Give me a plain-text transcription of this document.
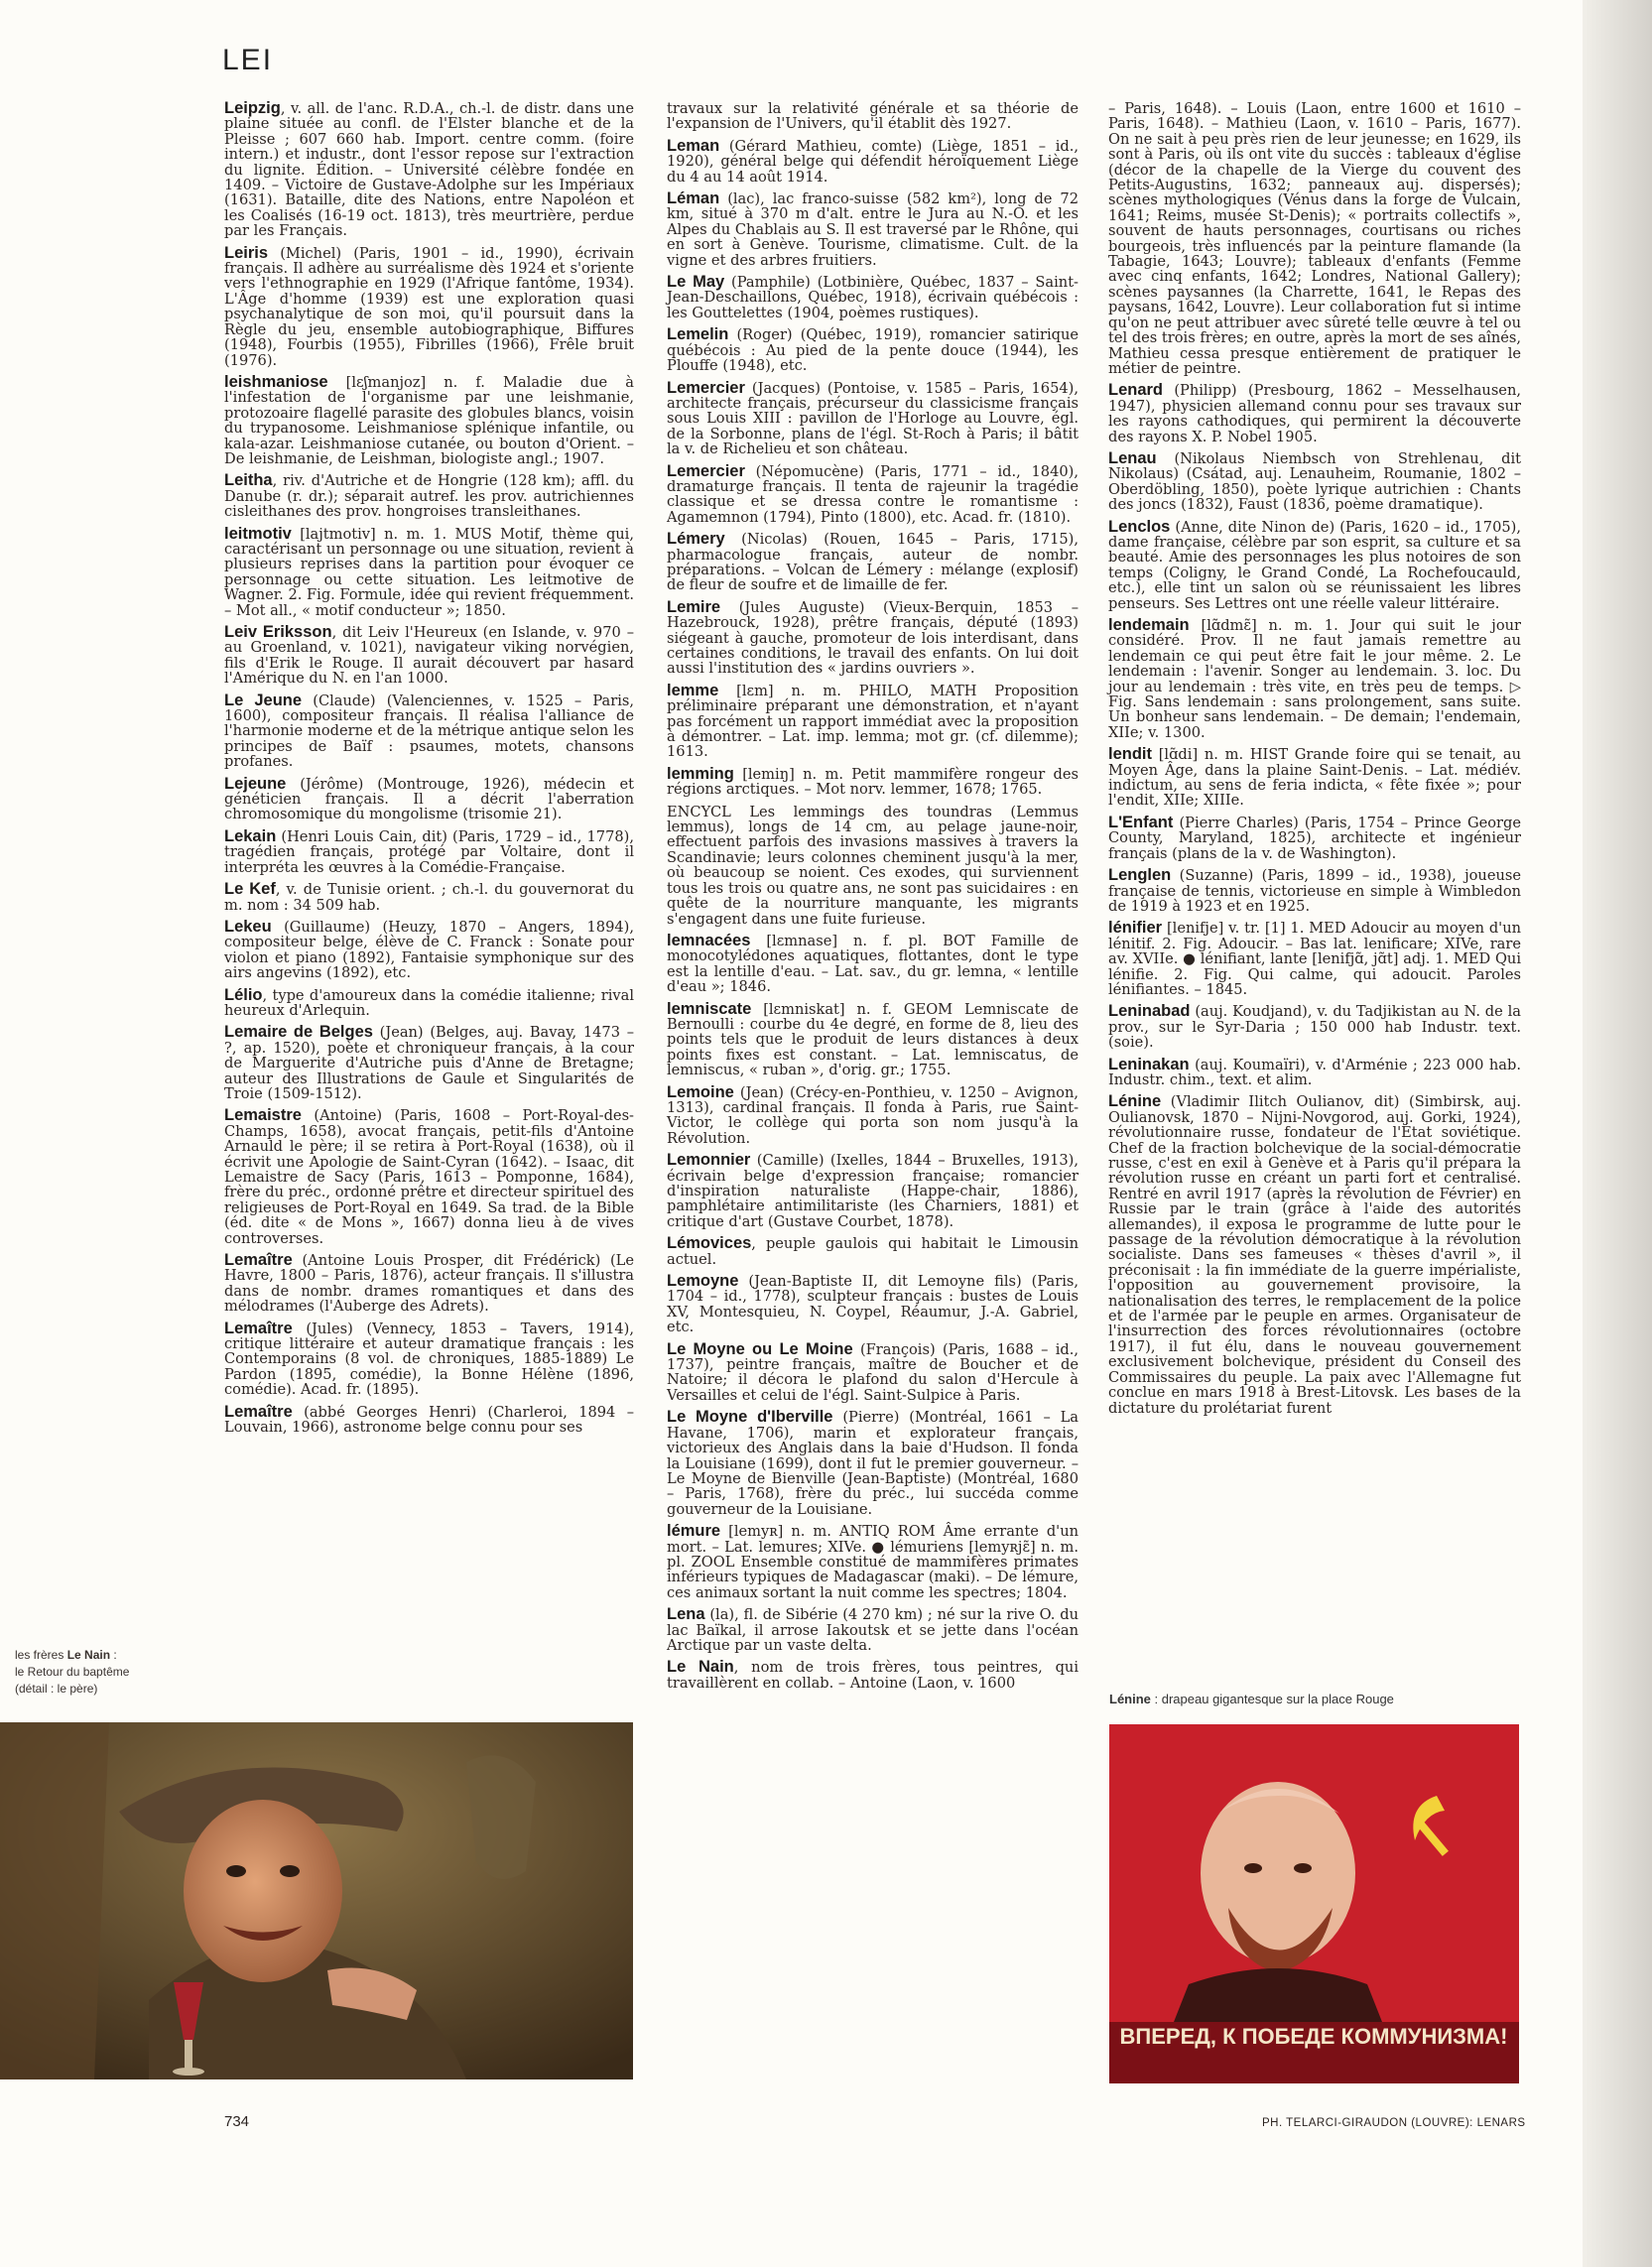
LEI

Leipzig, v. all. de l'anc. R.D.A., ch.-l. de distr. dans une plaine située au confl. de l'Elster blanche et de la Pleisse ; 607 660 hab. Import. centre comm. (foire intern.) et industr., dont l'essor repose sur l'extraction du lignite. Édition. – Université célèbre fondée en 1409. – Victoire de Gustave-Adolphe sur les Impériaux (1631). Bataille, dite des Nations, entre Napoléon et les Coalisés (16-19 oct. 1813), très meurtrière, perdue par les Français.

Leiris (Michel) (Paris, 1901 – id., 1990), écrivain français. Il adhère au surréalisme dès 1924 et s'oriente vers l'ethnographie en 1929 (l'Afrique fantôme, 1934). L'Âge d'homme (1939) est une exploration quasi psychanalytique de son moi, qu'il poursuit dans la Règle du jeu, ensemble autobiographique, Biffures (1948), Fourbis (1955), Fibrilles (1966), Frêle bruit (1976).

leishmaniose [lɛʃmanjoz] n. f. Maladie due à l'infestation de l'organisme par une leishmanie, protozoaire flagellé parasite des globules blancs, voisin du trypanosome. Leishmaniose splénique infantile, ou kala-azar. Leishmaniose cutanée, ou bouton d'Orient. – De leishmanie, de Leishman, biologiste angl.; 1907.

Leitha, riv. d'Autriche et de Hongrie (128 km); affl. du Danube (r. dr.); séparait autref. les prov. autrichiennes cisleithanes des prov. hongroises transleithanes.

leitmotiv [lajtmotiv] n. m. 1. MUS Motif, thème qui, caractérisant un personnage ou une situation, revient à plusieurs reprises dans la partition pour évoquer ce personnage ou cette situation. Les leitmotive de Wagner. 2. Fig. Formule, idée qui revient fréquemment. – Mot all., « motif conducteur »; 1850.

Leiv Eriksson, dit Leiv l'Heureux (en Islande, v. 970 – au Groenland, v. 1021), navigateur viking norvégien, fils d'Erik le Rouge. Il aurait découvert par hasard l'Amérique du N. en l'an 1000.

Le Jeune (Claude) (Valenciennes, v. 1525 – Paris, 1600), compositeur français. Il réalisa l'alliance de l'harmonie moderne et de la métrique antique selon les principes de Baïf : psaumes, motets, chansons profanes.

Lejeune (Jérôme) (Montrouge, 1926), médecin et généticien français. Il a décrit l'aberration chromosomique du mongolisme (trisomie 21).

Lekain (Henri Louis Cain, dit) (Paris, 1729 – id., 1778), tragédien français, protégé par Voltaire, dont il interpréta les œuvres à la Comédie-Française.

Le Kef, v. de Tunisie orient. ; ch.-l. du gouvernorat du m. nom : 34 509 hab.

Lekeu (Guillaume) (Heuzy, 1870 – Angers, 1894), compositeur belge, élève de C. Franck : Sonate pour violon et piano (1892), Fantaisie symphonique sur des airs angevins (1892), etc.

Lélio, type d'amoureux dans la comédie italienne; rival heureux d'Arlequin.

Lemaire de Belges (Jean) (Belges, auj. Bavay, 1473 – ?, ap. 1520), poète et chroniqueur français, à la cour de Marguerite d'Autriche puis d'Anne de Bretagne; auteur des Illustrations de Gaule et Singularités de Troie (1509-1512).

Lemaistre (Antoine) (Paris, 1608 – Port-Royal-des-Champs, 1658), avocat français, petit-fils d'Antoine Arnauld le père; il se retira à Port-Royal (1638), où il écrivit une Apologie de Saint-Cyran (1642). – Isaac, dit Lemaistre de Sacy (Paris, 1613 – Pomponne, 1684), frère du préc., ordonné prêtre et directeur spirituel des religieuses de Port-Royal en 1649. Sa trad. de la Bible (éd. dite « de Mons », 1667) donna lieu à de vives controverses.

Lemaître (Antoine Louis Prosper, dit Frédérick) (Le Havre, 1800 – Paris, 1876), acteur français. Il s'illustra dans de nombr. drames romantiques et dans des mélodrames (l'Auberge des Adrets).

Lemaître (Jules) (Vennecy, 1853 – Tavers, 1914), critique littéraire et auteur dramatique français : les Contemporains (8 vol. de chroniques, 1885-1889) Le Pardon (1895, comédie), la Bonne Hélène (1896, comédie). Acad. fr. (1895).

Lemaître (abbé Georges Henri) (Charleroi, 1894 – Louvain, 1966), astronome belge connu pour ses

travaux sur la relativité générale et sa théorie de l'expansion de l'Univers, qu'il établit dès 1927.

Leman (Gérard Mathieu, comte) (Liège, 1851 – id., 1920), général belge qui défendit héroïquement Liège du 4 au 14 août 1914.

Léman (lac), lac franco-suisse (582 km²), long de 72 km, situé à 370 m d'alt. entre le Jura au N.-O. et les Alpes du Chablais au S. Il est traversé par le Rhône, qui en sort à Genève. Tourisme, climatisme. Cult. de la vigne et des arbres fruitiers.

Le May (Pamphile) (Lotbinière, Québec, 1837 – Saint-Jean-Deschaillons, Québec, 1918), écrivain québécois : les Gouttelettes (1904, poèmes rustiques).

Lemelin (Roger) (Québec, 1919), romancier satirique québécois : Au pied de la pente douce (1944), les Plouffe (1948), etc.

Lemercier (Jacques) (Pontoise, v. 1585 – Paris, 1654), architecte français, précurseur du classicisme français sous Louis XIII : pavillon de l'Horloge au Louvre, égl. de la Sorbonne, plans de l'égl. St-Roch à Paris; il bâtit la v. de Richelieu et son château.

Lemercier (Népomucène) (Paris, 1771 – id., 1840), dramaturge français. Il tenta de rajeunir la tragédie classique et se dressa contre le romantisme : Agamemnon (1794), Pinto (1800), etc. Acad. fr. (1810).

Lémery (Nicolas) (Rouen, 1645 – Paris, 1715), pharmacologue français, auteur de nombr. préparations. – Volcan de Lémery : mélange (explosif) de fleur de soufre et de limaille de fer.

Lemire (Jules Auguste) (Vieux-Berquin, 1853 – Hazebrouck, 1928), prêtre français, député (1893) siégeant à gauche, promoteur de lois interdisant, dans certaines conditions, le travail des enfants. On lui doit aussi l'institution des « jardins ouvriers ».

lemme [lɛm] n. m. PHILO, MATH Proposition préliminaire préparant une démonstration, et n'ayant pas forcément un rapport immédiat avec la proposition à démontrer. – Lat. imp. lemma; mot gr. (cf. dilemme); 1613.

lemming [lemiŋ] n. m. Petit mammifère rongeur des régions arctiques. – Mot norv. lemmer, 1678; 1765.

ENCYCL Les lemmings des toundras (Lemmus lemmus), longs de 14 cm, au pelage jaune-noir, effectuent parfois des invasions massives à travers la Scandinavie; leurs colonnes cheminent jusqu'à la mer, où beaucoup se noient. Ces exodes, qui surviennent tous les trois ou quatre ans, ne sont pas suicidaires : en quête de la nourriture manquante, les migrants s'engagent dans une fuite furieuse.

lemnacées [lɛmnase] n. f. pl. BOT Famille de monocotylédones aquatiques, flottantes, dont le type est la lentille d'eau. – Lat. sav., du gr. lemna, « lentille d'eau »; 1846.

lemniscate [lɛmniskat] n. f. GEOM Lemniscate de Bernoulli : courbe du 4e degré, en forme de 8, lieu des points tels que le produit de leurs distances à deux points fixes est constant. – Lat. lemniscatus, de lemniscus, « ruban », d'orig. gr.; 1755.

Lemoine (Jean) (Crécy-en-Ponthieu, v. 1250 – Avignon, 1313), cardinal français. Il fonda à Paris, rue Saint-Victor, le collège qui porta son nom jusqu'à la Révolution.

Lemonnier (Camille) (Ixelles, 1844 – Bruxelles, 1913), écrivain belge d'expression française; romancier d'inspiration naturaliste (Happe-chair, 1886), pamphlétaire antimilitariste (les Charniers, 1881) et critique d'art (Gustave Courbet, 1878).

Lémovices, peuple gaulois qui habitait le Limousin actuel.

Lemoyne (Jean-Baptiste II, dit Lemoyne fils) (Paris, 1704 – id., 1778), sculpteur français : bustes de Louis XV, Montesquieu, N. Coypel, Réaumur, J.-A. Gabriel, etc.

Le Moyne ou Le Moine (François) (Paris, 1688 – id., 1737), peintre français, maître de Boucher et de Natoire; il décora le plafond du salon d'Hercule à Versailles et celui de l'égl. Saint-Sulpice à Paris.

Le Moyne d'Iberville (Pierre) (Montréal, 1661 – La Havane, 1706), marin et explorateur français, victorieux des Anglais dans la baie d'Hudson. Il fonda la Louisiane (1699), dont il fut le premier gouverneur. – Le Moyne de Bienville (Jean-Baptiste) (Montréal, 1680 – Paris, 1768), frère du préc., lui succéda comme gouverneur de la Louisiane.

lémure [lemyʀ] n. m. ANTIQ ROM Âme errante d'un mort. – Lat. lemures; XIVe. ● lémuriens [lemyʀjɛ̃] n. m. pl. ZOOL Ensemble constitué de mammifères primates inférieurs typiques de Madagascar (maki). – De lémure, ces animaux sortant la nuit comme les spectres; 1804.

Lena (la), fl. de Sibérie (4 270 km) ; né sur la rive O. du lac Baïkal, il arrose Iakoutsk et se jette dans l'océan Arctique par un vaste delta.

Le Nain, nom de trois frères, tous peintres, qui travaillèrent en collab. – Antoine (Laon, v. 1600

– Paris, 1648). – Louis (Laon, entre 1600 et 1610 – Paris, 1648). – Mathieu (Laon, v. 1610 – Paris, 1677). On ne sait à peu près rien de leur jeunesse; en 1629, ils sont à Paris, où ils ont vite du succès : tableaux d'église (décor de la chapelle de la Vierge du couvent des Petits-Augustins, 1632; panneaux auj. dispersés); scènes mythologiques (Vénus dans la forge de Vulcain, 1641; Reims, musée St-Denis); « portraits collectifs », souvent de hauts personnages, courtisans ou riches bourgeois, très influencés par la peinture flamande (la Tabagie, 1643; Louvre); tableaux d'enfants (Femme avec cinq enfants, 1642; Londres, National Gallery); scènes paysannes (la Charrette, 1641, le Repas des paysans, 1642, Louvre). Leur collaboration fut si intime qu'on ne peut attribuer avec sûreté telle œuvre à tel ou tel des trois frères; en outre, après la mort de ses aînés, Mathieu cessa presque entièrement de pratiquer le métier de peintre.

Lenard (Philipp) (Presbourg, 1862 – Messelhausen, 1947), physicien allemand connu pour ses travaux sur les rayons cathodiques, qui permirent la découverte des rayons X. P. Nobel 1905.

Lenau (Nikolaus Niembsch von Strehlenau, dit Nikolaus) (Csátad, auj. Lenauheim, Roumanie, 1802 – Oberdöbling, 1850), poète lyrique autrichien : Chants des joncs (1832), Faust (1836, poème dramatique).

Lenclos (Anne, dite Ninon de) (Paris, 1620 – id., 1705), dame française, célèbre par son esprit, sa culture et sa beauté. Amie des personnages les plus notoires de son temps (Coligny, le Grand Condé, La Rochefoucauld, etc.), elle tint un salon où se réunissaient les libres penseurs. Ses Lettres ont une réelle valeur littéraire.

lendemain [lɑ̃dmɛ̃] n. m. 1. Jour qui suit le jour considéré. Prov. Il ne faut jamais remettre au lendemain ce qui peut être fait le jour même. 2. Le lendemain : l'avenir. Songer au lendemain. 3. loc. Du jour au lendemain : très vite, en très peu de temps. ▷ Fig. Sans lendemain : sans prolongement, sans suite. Un bonheur sans lendemain. – De demain; l'endemain, XIIe; v. 1300.

lendit [lɑ̃di] n. m. HIST Grande foire qui se tenait, au Moyen Âge, dans la plaine Saint-Denis. – Lat. médiév. indictum, au sens de feria indicta, « fête fixée »; pour l'endit, XIIe; XIIIe.

L'Enfant (Pierre Charles) (Paris, 1754 – Prince George County, Maryland, 1825), architecte et ingénieur français (plans de la v. de Washington).

Lenglen (Suzanne) (Paris, 1899 – id., 1938), joueuse française de tennis, victorieuse en simple à Wimbledon de 1919 à 1923 et en 1925.

lénifier [lenifje] v. tr. [1] 1. MED Adoucir au moyen d'un lénitif. 2. Fig. Adoucir. – Bas lat. lenificare; XIVe, rare av. XVIIe. ● lénifiant, lante [lenifjɑ̃, jɑ̃t] adj. 1. MED Qui lénifie. 2. Fig. Qui calme, qui adoucit. Paroles lénifiantes. – 1845.

Leninabad (auj. Koudjand), v. du Tadjikistan au N. de la prov., sur le Syr-Daria ; 150 000 hab Industr. text. (soie).

Leninakan (auj. Koumaïri), v. d'Arménie ; 223 000 hab. Industr. chim., text. et alim.

Lénine (Vladimir Ilitch Oulianov, dit) (Simbirsk, auj. Oulianovsk, 1870 – Nijni-Novgorod, auj. Gorki, 1924), révolutionnaire russe, fondateur de l'État soviétique. Chef de la fraction bolchevique de la social-démocratie russe, c'est en exil à Genève et à Paris qu'il prépara la révolution russe en créant un parti fort et centralisé. Rentré en avril 1917 (après la révolution de Février) en Russie par le train (grâce à l'aide des autorités allemandes), il exposa le programme de lutte pour le passage de la révolution démocratique à la révolution socialiste. Dans ses fameuses « thèses d'avril », il préconisait : la fin immédiate de la guerre impérialiste, l'opposition au gouvernement provisoire, la nationalisation des terres, le remplacement de la police et de l'armée par le peuple en armes. Organisateur de l'insurrection des forces révolutionnaires (octobre 1917), il fut élu, dans le nouveau gouvernement exclusivement bolchevique, président du Conseil des Commissaires du peuple. La paix avec l'Allemagne fut conclue en mars 1918 à Brest-Litovsk. Les bases de la dictature du prolétariat furent

les frères Le Nain :
le Retour du baptême
(détail : le père)
Lénine : drapeau gigantesque sur la place Rouge
ВПЕРЕД, К ПОБЕДЕ КОММУНИЗМА!
734	PH. TELARCI-GIRAUDON (LOUVRE): LENARS
